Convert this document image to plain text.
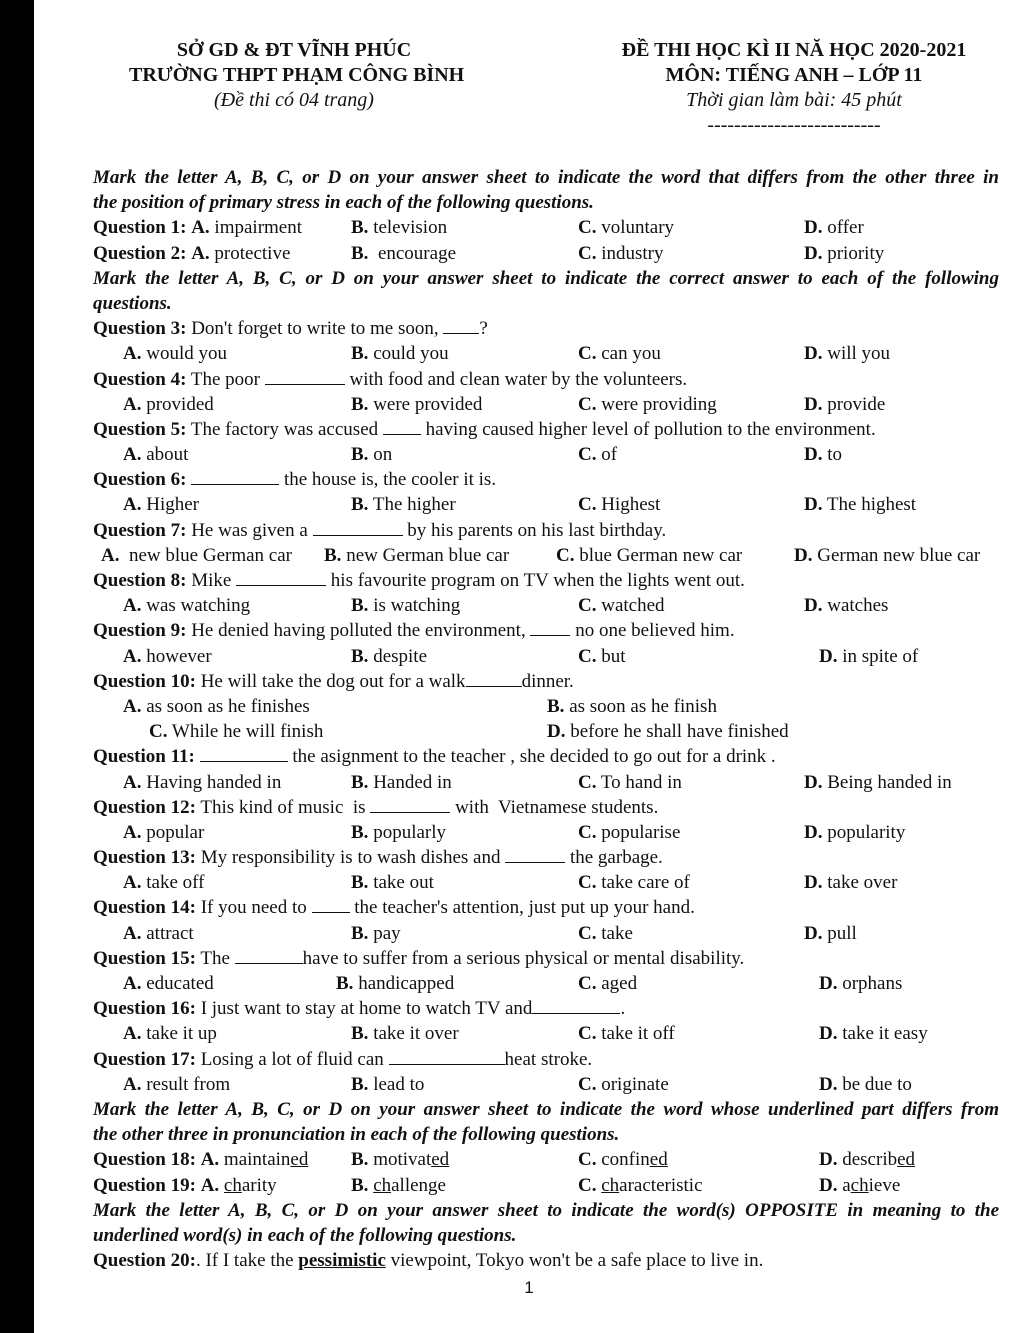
SỞ GD & ĐT VĨNH PHÚC
TRƯỜNG THPT PHẠM CÔNG BÌNH
(Đề thi có 04 trang)
ĐỀ THI HỌC KÌ II NĂ HỌC 2020-2021
MÔN: TIẾNG ANH – LỚP 11
Thời gian làm bài: 45 phút
--------------------------
Mark the letter A, B, C, or D on your answer sheet to indicate the word that differs from the other three in
the position of primary stress in each of the following questions.
Question 1: A. impairment	B. television	C. voluntary	D. offer
Question 2: A. protective	B. encourage	C. industry	D. priority
Mark the letter A, B, C, or D on your answer sheet to indicate the correct answer to each of the following
questions.
Question 3: Don't forget to write to me soon, ?
A. would you	B. could you	C. can you	D. will you
Question 4: The poor	with food and clean water by the volunteers.
A. provided	B. were provided	C. were providing	D. provide
Question 5: The factory was accused	having caused higher level of pollution to the environment.
A. about	B. on	C. of	D. to
Question 6:	the house is, the cooler it is.
A. Higher	B. The higher	C. Highest	D. The highest
Question 7: He was given a	by his parents on his last birthday.
A. new blue German car B. new German blue car C. blue German new car	D. German new blue car
Question 8: Mike	his favourite program on TV when the lights went out.
A. was watching	B. is watching	C. watched	D. watches
Question 9: He denied having polluted the environment,	no one believed him.
A. however	B. despite	C. but	D. in spite of
Question 10: He will take the dog out for a walk	dinner.
A. as soon as he finishes	B. as soon as he finish
C. While he will finish	D. before he shall have finished
Question 11:	the asignment to the teacher , she decided to go out for a drink .
A. Having handed in	B. Handed in	C. To hand in	D. Being handed in
Question 12: This kind of music  is	with  Vietnamese students.
A. popular	B. popularly	C. popularise	D. popularity
Question 13: My responsibility is to wash dishes and	the garbage.
A. take off	B. take out	C. take care of	D. take over
Question 14: If you need to	the teacher's attention, just put up your hand.
A. attract	B. pay	C. take	D. pull
Question 15: The	have to suffer from a serious physical or mental disability.
A. educated	B. handicapped	C. aged	D. orphans
Question 16: I just want to stay at home to watch TV and	.
A. take it up	B. take it over	C. take it off	D. take it easy
Question 17: Losing a lot of fluid can	heat stroke.
A. result from	B. lead to	C. originate	D. be due to
Mark the letter A, B, C, or D on your answer sheet to indicate the word whose underlined part differs from
the other three in pronunciation in each of the following questions.
Question 18: A. maintained B. motivated	C. confined	D. described
Question 19: A. charity	B. challenge	C. characteristic	D. achieve
Mark the letter A, B, C, or D on your answer sheet to indicate the word(s) OPPOSITE in meaning to the
underlined word(s) in each of the following questions.
Question 20:. If I take the pessimistic viewpoint, Tokyo won't be a safe place to live in.
1
